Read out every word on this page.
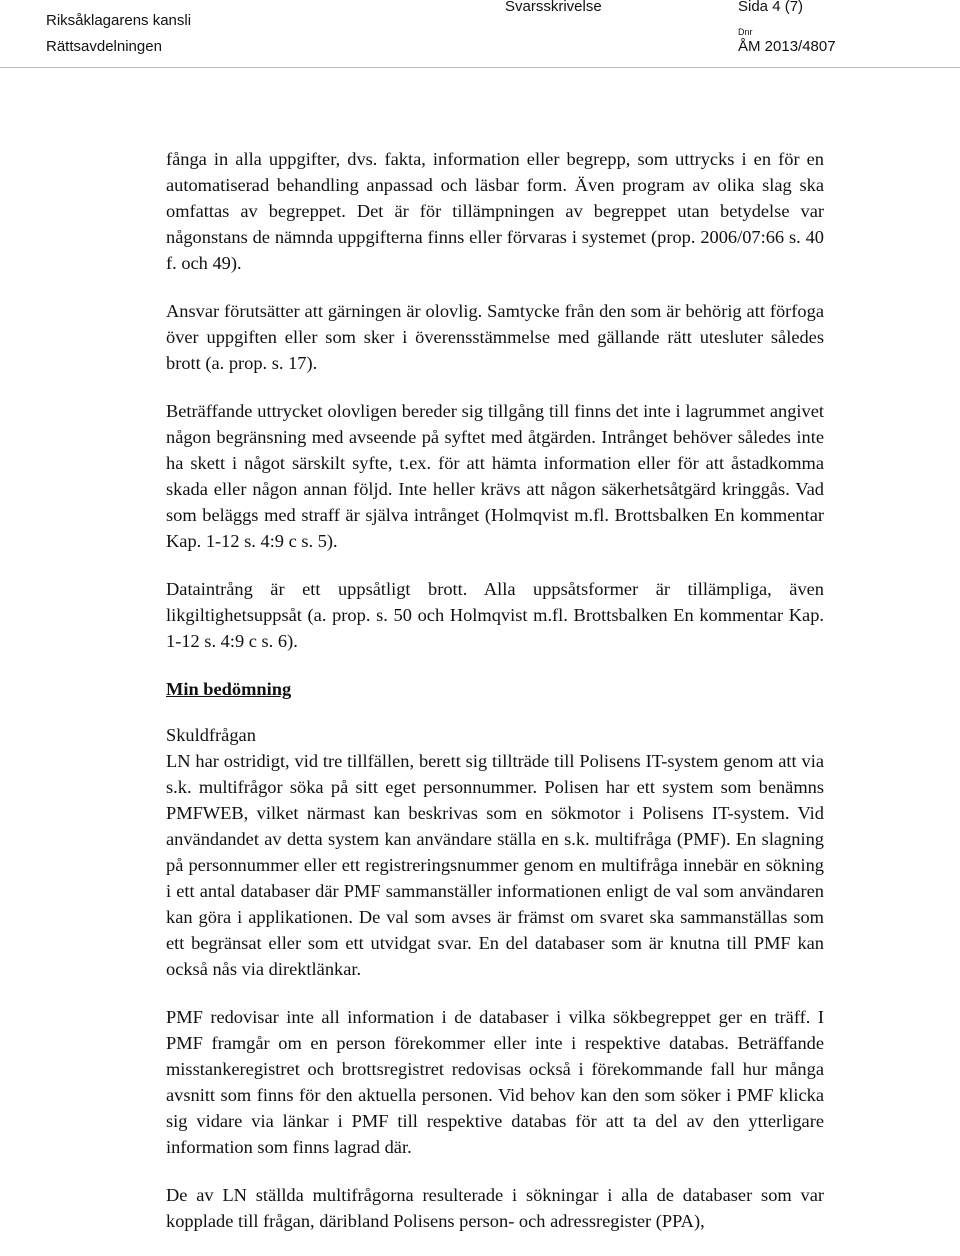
Riksåklagarens kansli
Rättsavdelningen
Svarsskrivelse	Sida 4 (7)
Dnr
ÅM 2013/4807

fånga in alla uppgifter, dvs. fakta, information eller begrepp, som uttrycks i en för en automatiserad behandling anpassad och läsbar form. Även program av olika slag ska omfattas av begreppet. Det är för tillämpningen av begreppet utan betydelse var någonstans de nämnda uppgifterna finns eller förvaras i systemet (prop. 2006/07:66 s. 40 f. och 49).

Ansvar förutsätter att gärningen är olovlig. Samtycke från den som är behörig att förfoga över uppgiften eller som sker i överensstämmelse med gällande rätt utesluter således brott (a. prop. s. 17).

Beträffande uttrycket olovligen bereder sig tillgång till finns det inte i lagrummet angivet någon begränsning med avseende på syftet med åtgärden. Intrånget behöver således inte ha skett i något särskilt syfte, t.ex. för att hämta information eller för att åstadkomma skada eller någon annan följd. Inte heller krävs att någon säkerhetsåtgärd kringgås. Vad som beläggs med straff är själva intrånget (Holmqvist m.fl. Brottsbalken En kommentar Kap. 1-12 s. 4:9 c s. 5).

Dataintrång är ett uppsåtligt brott. Alla uppsåtsformer är tillämpliga, även likgiltighetsuppsåt (a. prop. s. 50 och Holmqvist m.fl. Brottsbalken En kommentar Kap. 1-12 s. 4:9 c s. 6).

Min bedömning
Skuldfrågan

LN har ostridigt, vid tre tillfällen, berett sig tillträde till Polisens IT-system genom att via s.k. multifrågor söka på sitt eget personnummer. Polisen har ett system som benämns PMFWEB, vilket närmast kan beskrivas som en sökmotor i Polisens IT-system. Vid användandet av detta system kan användare ställa en s.k. multifråga (PMF). En slagning på personnummer eller ett registreringsnummer genom en multifråga innebär en sökning i ett antal databaser där PMF sammanställer informationen enligt de val som användaren kan göra i applikationen. De val som avses är främst om svaret ska sammanställas som ett begränsat eller som ett utvidgat svar. En del databaser som är knutna till PMF kan också nås via direktlänkar.

PMF redovisar inte all information i de databaser i vilka sökbegreppet ger en träff. I PMF framgår om en person förekommer eller inte i respektive databas. Beträffande misstankeregistret och brottsregistret redovisas också i förekommande fall hur många avsnitt som finns för den aktuella personen. Vid behov kan den som söker i PMF klicka sig vidare via länkar i PMF till respektive databas för att ta del av den ytterligare information som finns lagrad där.

De av LN ställda multifrågorna resulterade i sökningar i alla de databaser som var kopplade till frågan, däribland Polisens person- och adressregister (PPA),
